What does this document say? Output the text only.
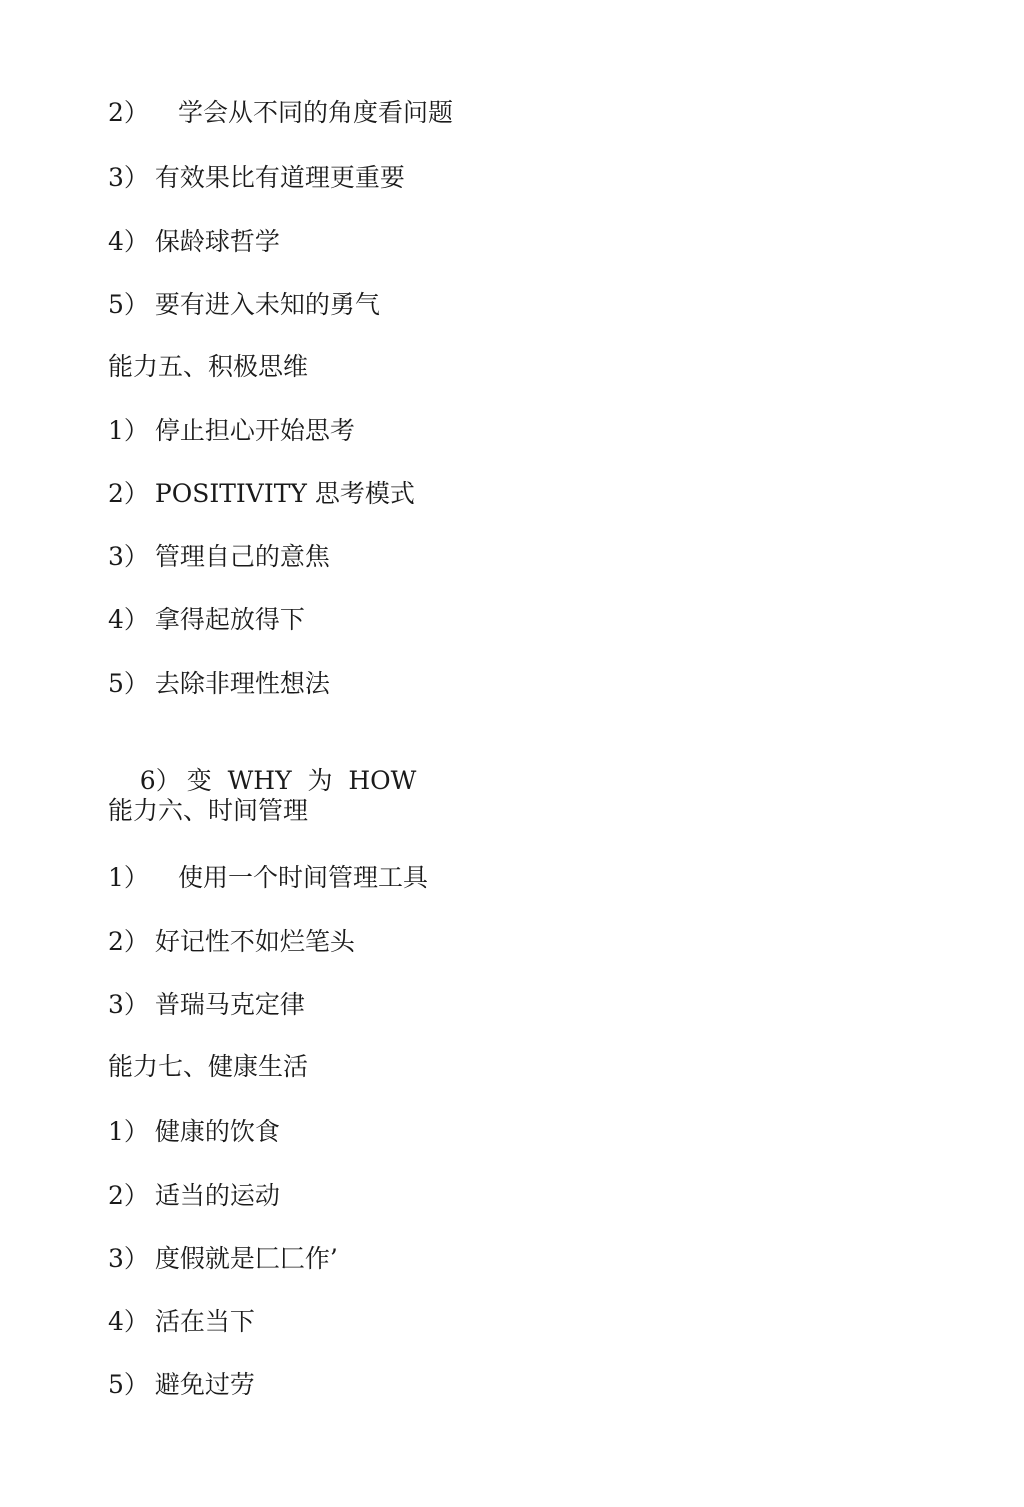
2） 学会从不同的角度看问题
3） 有效果比有道理更重要
4） 保龄球哲学
5） 要有进入未知的勇气
能力五、积极思维
1） 停止担心开始思考
2） POSITIVITY 思考模式
3） 管理自己的意焦
4） 拿得起放得下
5） 去除非理性想法

6） 变  WHY  为  HOW

能力六、时间管理
1） 使用一个时间管理工具
2） 好记性不如烂笔头
3） 普瑞马克定律
能力七、健康生活
1） 健康的饮食
2） 适当的运动
3） 度假就是匚匚作’
4） 活在当下
5） 避免过劳
